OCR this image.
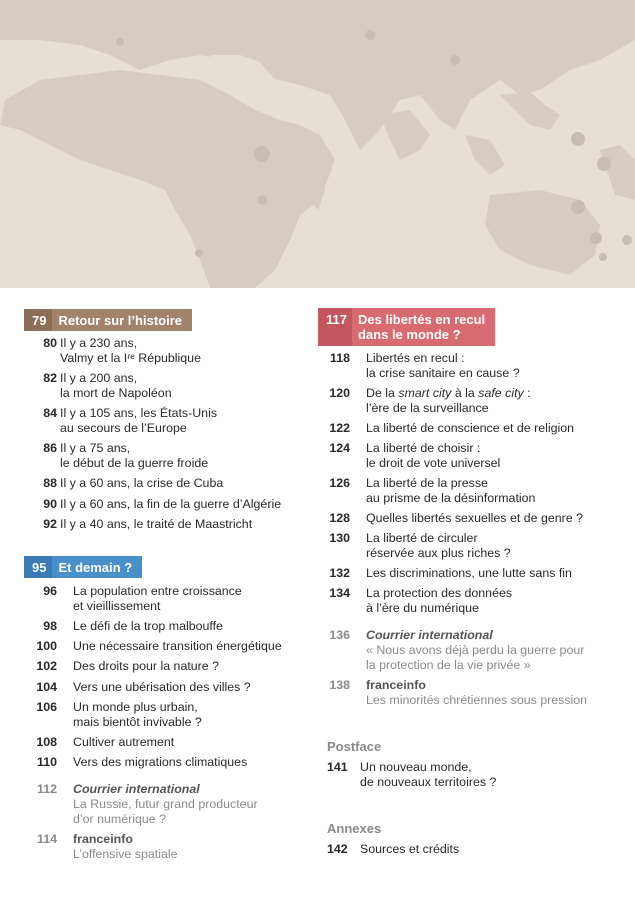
79 Retour sur l’histoire
80 Il y a 230 ans,
Valmy et la Iʳᵉ République
82 Il y a 200 ans,
la mort de Napoléon
84 Il y a 105 ans, les États-Unis
au secours de l’Europe
86 Il y a 75 ans,
le début de la guerre froide
88 Il y a 60 ans, la crise de Cuba
90 Il y a 60 ans, la fin de la guerre d’Algérie
92 Il y a 40 ans, le traité de Maastricht
95 Et demain ?
96 La population entre croissance
et vieillissement
98 Le défi de la trop malbouffe
100 Une nécessaire transition énergétique
102 Des droits pour la nature ?
104 Vers une ubérisation des villes ?
106 Un monde plus urbain,
mais bientôt invivable ?
108 Cultiver autrement
110 Vers des migrations climatiques
112 Courrier international
La Russie, futur grand producteur
d’or numérique ?
114 franceinfo
L’offensive spatiale
117 Des libertés en recul
dans le monde ?
118 Libertés en recul :
la crise sanitaire en cause ?
120 De la smart city à la safe city :
l’ère de la surveillance
122 La liberté de conscience et de religion
124 La liberté de choisir :
le droit de vote universel
126 La liberté de la presse
au prisme de la désinformation
128 Quelles libertés sexuelles et de genre ?
130 La liberté de circuler
réservée aux plus riches ?
132 Les discriminations, une lutte sans fin
134 La protection des données
à l’ère du numérique
136 Courrier international
« Nous avons déjà perdu la guerre pour
la protection de la vie privée »
138 franceinfo
Les minorités chrétiennes sous pression
Postface
141 Un nouveau monde,
de nouveaux territoires ?
Annexes
142 Sources et crédits
